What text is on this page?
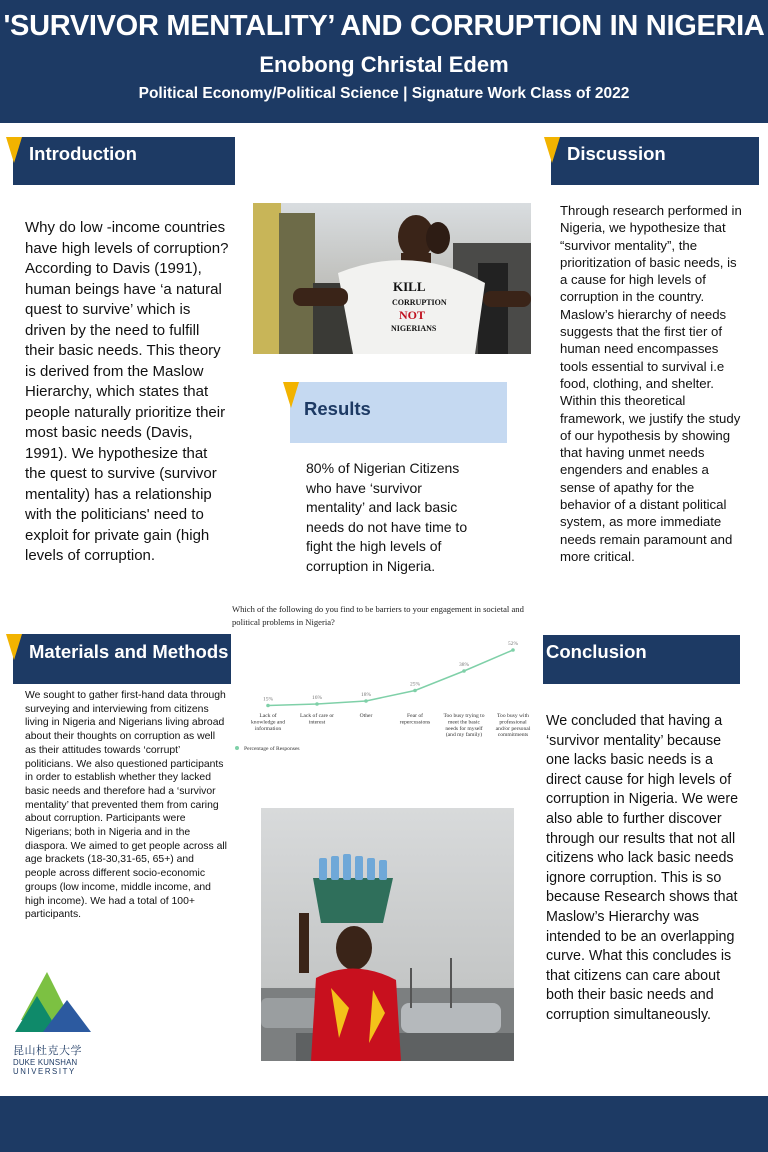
'SURVIVOR MENTALITY’ AND CORRUPTION IN NIGERIA
Enobong Christal Edem
Political Economy/Political Science | Signature Work Class of 2022
Introduction
Why do low -income countries have high levels of corruption? According to Davis (1991), human beings have ‘a natural quest to survive’ which is driven by the need to fulfill their basic needs. This theory is derived from the Maslow Hierarchy, which states that people naturally prioritize their most basic needs (Davis, 1991). We hypothesize that the quest to survive (survivor mentality) has a relationship with the politicians' need to exploit for private gain (high levels of corruption.
KILL
CORRUPTION
NOT
NIGERIANS
Results
80% of Nigerian Citizens who have ‘survivor mentality’ and lack basic needs do not have time to fight the high levels of corruption in Nigeria.
Discussion
Through research performed in Nigeria, we hypothesize that “survivor mentality”, the prioritization of basic needs, is a cause for high levels of corruption in the country. Maslow’s hierarchy of needs suggests that the first tier of human need encompasses tools essential to survival i.e food, clothing, and shelter. Within this theoretical framework, we justify the study of our hypothesis by showing that having unmet needs engenders and enables a sense of apathy for the behavior of a distant political system, as more immediate needs remain paramount and more critical.
Materials and Methods
We sought to gather first-hand data through surveying and interviewing from citizens living in Nigeria and Nigerians living abroad about their thoughts on corruption as well as their attitudes towards ‘corrupt’ politicians. We also questioned participants in order to establish whether they lacked basic needs and therefore had a ‘survivor mentality’ that prevented them from caring about corruption. Participants were Nigerians; both in Nigeria and in the diaspora. We aimed to get people across all age brackets (18-30,31-65, 65+) and people across different socio-economic groups (low income, middle income, and high income). We had a total of 100+ participants.
Which of the following do you find to be barriers to your engagement in societal and political problems in Nigeria?
15%
Lack of
knowledge and
information
16%
Lack of care or
interest
18%
Other
25%
Fear of
repercussions
38%
Too busy trying to
meet the basic
needs for myself
(and my family)
52%
Too busy with
professional
and/or personal
commitments
Percentage of Responses
Conclusion
We concluded that having a ‘survivor mentality’ because one lacks basic needs is a direct cause for high levels of corruption in Nigeria. We were also able to further discover through our results that not all citizens who lack basic needs ignore corruption. This is so because Research shows that Maslow’s Hierarchy was intended to be an overlapping curve. What this concludes is that citizens can care about both their basic needs and corruption simultaneously.
昆山杜克大学
DUKE KUNSHAN
UNIVERSITY
